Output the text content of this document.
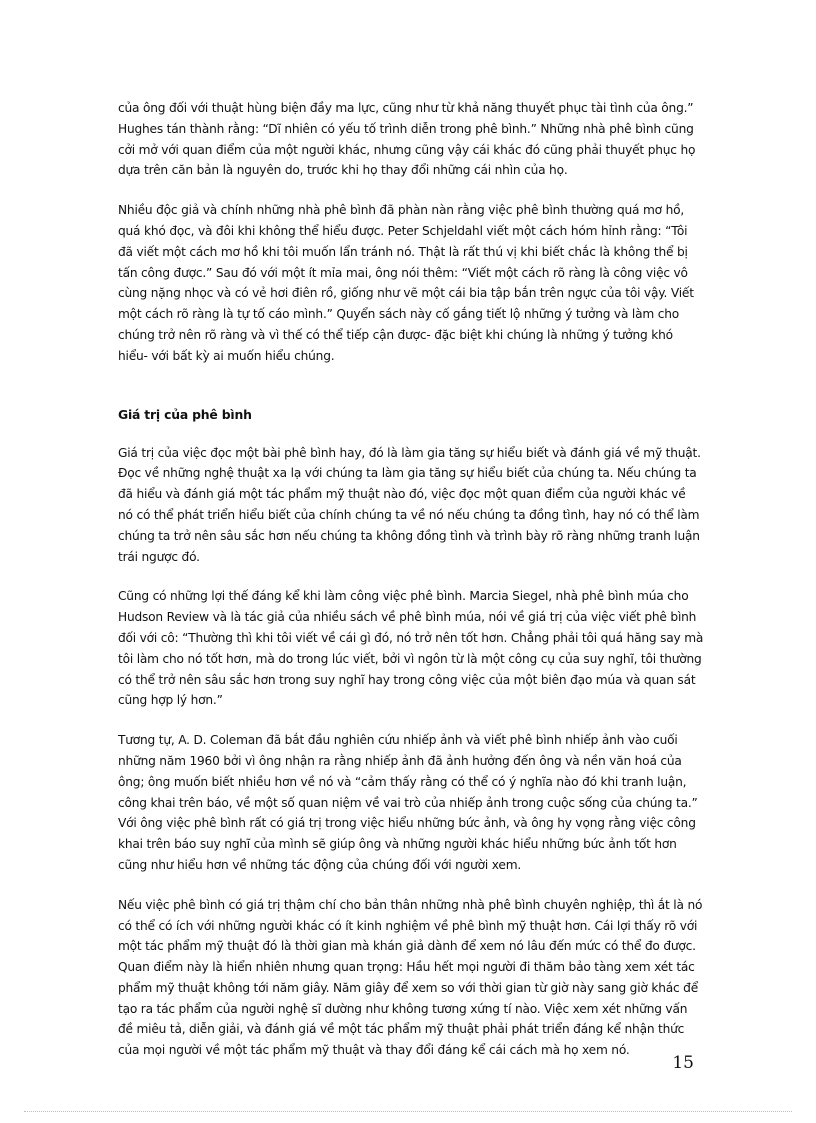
của ông đối với thuật hùng biện đầy ma lực, cũng như từ khả năng thuyết phục tài tình của ông.” Hughes tán thành rằng: “Dĩ nhiên có yếu tố trình diễn trong phê bình.” Những nhà phê bình cũng cởi mở với quan điểm của một người khác, nhưng cũng vậy cái khác đó cũng phải thuyết phục họ dựa trên căn bản là nguyên do, trước khi họ thay đổi những cái nhìn của họ.

Nhiều độc giả và chính những nhà phê bình đã phàn nàn rằng việc phê bình thường quá mơ hồ, quá khó đọc, và đôi khi không thể hiểu được. Peter Schjeldahl viết một cách hóm hỉnh rằng: “Tôi đã viết một cách mơ hồ khi tôi muốn lẩn tránh nó. Thật là rất thú vị khi biết chắc là không thể bị tấn công được.” Sau đó với một ít mỉa mai, ông nói thêm: “Viết một cách rõ ràng là công việc vô cùng nặng nhọc và có vẻ hơi điên rồ, giống như vẽ một cái bia tập bắn trên ngực của tôi vậy. Viết một cách rõ ràng là tự tố cáo mình.” Quyển sách này cố gắng tiết lộ những ý tưởng và làm cho chúng trở nên rõ ràng và vì thế có thể tiếp cận được- đặc biệt khi chúng là những ý tưởng khó hiểu- với bất kỳ ai muốn hiểu chúng.

Giá trị của phê bình

Giá trị của việc đọc một bài phê bình hay, đó là làm gia tăng sự hiểu biết và đánh giá về mỹ thuật. Đọc về những nghệ thuật xa lạ với chúng ta làm gia tăng sự hiểu biết của chúng ta. Nếu chúng ta đã hiểu và đánh giá một tác phẩm mỹ thuật nào đó, việc đọc một quan điểm của người khác về nó có thể phát triển hiểu biết của chính chúng ta về nó nếu chúng ta đồng tình, hay nó có thể làm chúng ta trở nên sâu sắc hơn nếu chúng ta không đồng tình và trình bày rõ ràng những tranh luận trái ngược đó.

Cũng có những lợi thế đáng kể khi làm công việc phê bình. Marcia Siegel, nhà phê bình múa cho Hudson Review và là tác giả của nhiều sách về phê bình múa, nói về giá trị của việc viết phê bình đối với cô: “Thường thì khi tôi viết về cái gì đó, nó trở nên tốt hơn. Chẳng phải tôi quá hăng say mà tôi làm cho nó tốt hơn, mà do trong lúc viết, bởi vì ngôn từ là một công cụ của suy nghĩ, tôi thường có thể trở nên sâu sắc hơn trong suy nghĩ hay trong công việc của một biên đạo múa và quan sát cũng hợp lý hơn.”

Tương tự, A. D. Coleman đã bắt đầu nghiên cứu nhiếp ảnh và viết phê bình nhiếp ảnh vào cuối những năm 1960 bởi vì ông nhận ra rằng nhiếp ảnh đã ảnh hưởng đến ông và nền văn hoá của ông; ông muốn biết nhiều hơn về nó và “cảm thấy rằng có thể có ý nghĩa nào đó khi tranh luận, công khai trên báo, về một số quan niệm về vai trò của nhiếp ảnh trong cuộc sống của chúng ta.” Với ông việc phê bình rất có giá trị trong việc hiểu những bức ảnh, và ông hy vọng rằng việc công khai trên báo suy nghĩ của mình sẽ giúp ông và những người khác hiểu những bức ảnh tốt hơn cũng như hiểu hơn về những tác động của chúng đối với người xem.

Nếu việc phê bình có giá trị thậm chí cho bản thân những nhà phê bình chuyên nghiệp, thì ắt là nó có thể có ích với những người khác có ít kinh nghiệm về phê bình mỹ thuật hơn. Cái lợi thấy rõ với một tác phẩm mỹ thuật đó là thời gian mà khán giả dành để xem nó lâu đến mức có thể đo được. Quan điểm này là hiển nhiên nhưng quan trọng: Hầu hết mọi người đi thăm bảo tàng xem xét tác phẩm mỹ thuật không tới năm giây. Năm giây để xem so với thời gian từ giờ này sang giờ khác để tạo ra tác phẩm của người nghệ sĩ dường như không tương xứng tí nào. Việc xem xét những vấn đề miêu tả, diễn giải, và đánh giá về một tác phẩm mỹ thuật phải phát triển đáng kể nhận thức của mọi người về một tác phẩm mỹ thuật và thay đổi đáng kể cái cách mà họ xem nó.

15
